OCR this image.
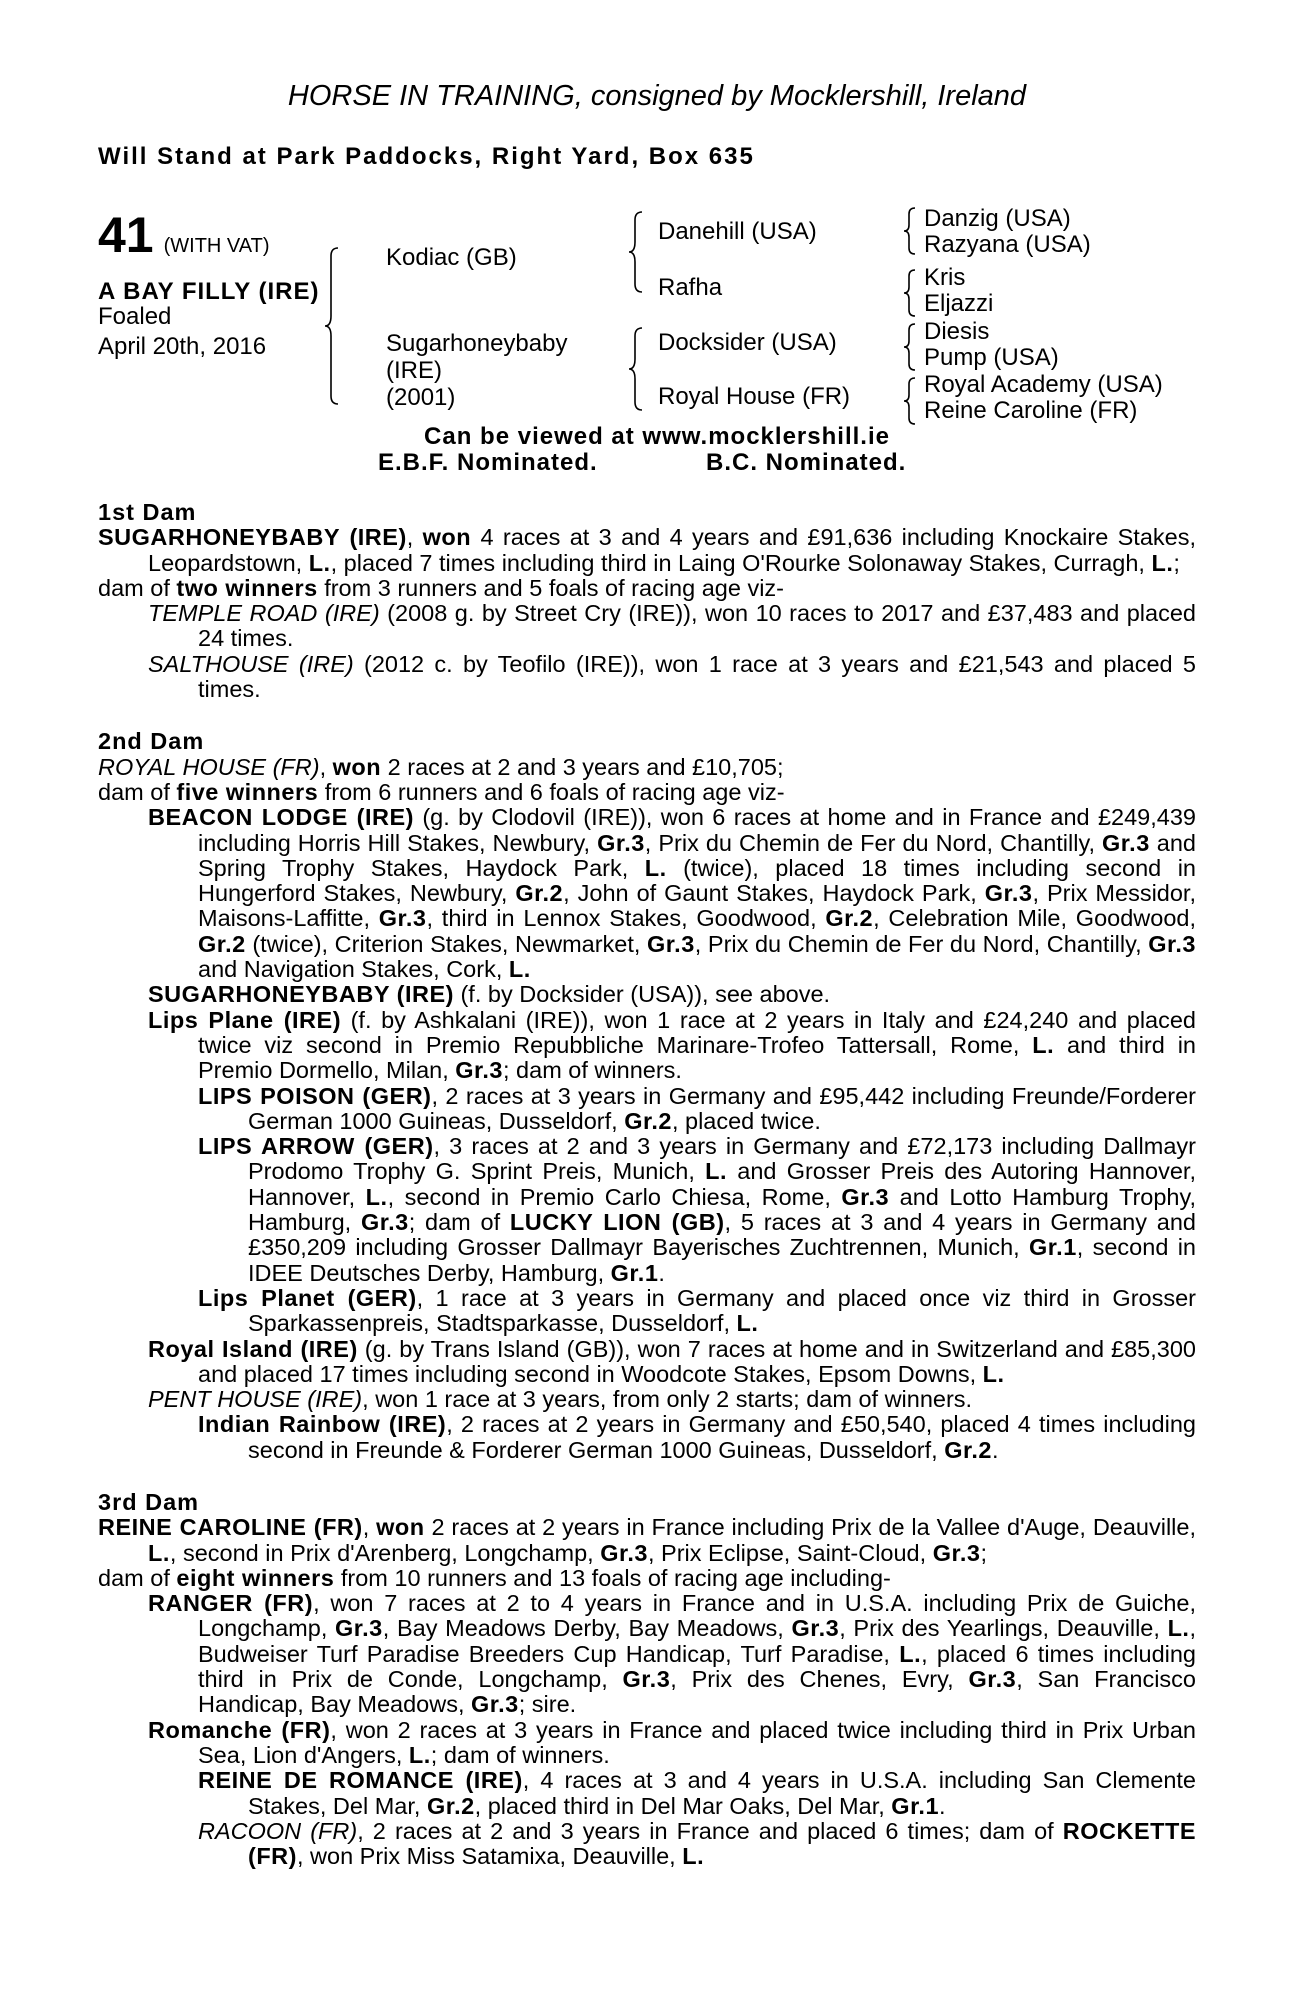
HORSE IN TRAINING, consigned by Mocklershill, Ireland
Will Stand at Park Paddocks, Right Yard, Box 635
41 (WITH VAT)
A BAY FILLY (IRE)
Foaled
April 20th, 2016
Kodiac (GB)
Sugarhoneybaby
(IRE)
(2001)
Danehill (USA)
Rafha
Docksider (USA)
Royal House (FR)
Danzig (USA)
Razyana (USA)
Kris
Eljazzi
Diesis
Pump (USA)
Royal Academy (USA)
Reine Caroline (FR)
Can be viewed at www.mocklershill.ie
E.B.F. Nominated.	B.C. Nominated.
1st Dam
SUGARHONEYBABY (IRE), won 4 races at 3 and 4 years and £91,636 including Knockaire Stakes, Leopardstown, L., placed 7 times including third in Laing O'Rourke Solonaway Stakes, Curragh, L.;
dam of two winners from 3 runners and 5 foals of racing age viz-
TEMPLE ROAD (IRE) (2008 g. by Street Cry (IRE)), won 10 races to 2017 and £37,483 and placed 24 times.
SALTHOUSE (IRE) (2012 c. by Teofilo (IRE)), won 1 race at 3 years and £21,543 and placed 5 times.
2nd Dam
ROYAL HOUSE (FR), won 2 races at 2 and 3 years and £10,705;
dam of five winners from 6 runners and 6 foals of racing age viz-
BEACON LODGE (IRE) (g. by Clodovil (IRE)), won 6 races at home and in France and £249,439 including Horris Hill Stakes, Newbury, Gr.3, Prix du Chemin de Fer du Nord, Chantilly, Gr.3 and Spring Trophy Stakes, Haydock Park, L. (twice), placed 18 times including second in Hungerford Stakes, Newbury, Gr.2, John of Gaunt Stakes, Haydock Park, Gr.3, Prix Messidor, Maisons-Laffitte, Gr.3, third in Lennox Stakes, Goodwood, Gr.2, Celebration Mile, Goodwood, Gr.2 (twice), Criterion Stakes, Newmarket, Gr.3, Prix du Chemin de Fer du Nord, Chantilly, Gr.3 and Navigation Stakes, Cork, L.
SUGARHONEYBABY (IRE) (f. by Docksider (USA)), see above.
Lips Plane (IRE) (f. by Ashkalani (IRE)), won 1 race at 2 years in Italy and £24,240 and placed twice viz second in Premio Repubbliche Marinare-Trofeo Tattersall, Rome, L. and third in Premio Dormello, Milan, Gr.3; dam of winners.
LIPS POISON (GER), 2 races at 3 years in Germany and £95,442 including Freunde/Forderer German 1000 Guineas, Dusseldorf, Gr.2, placed twice.
LIPS ARROW (GER), 3 races at 2 and 3 years in Germany and £72,173 including Dallmayr Prodomo Trophy G. Sprint Preis, Munich, L. and Grosser Preis des Autoring Hannover, Hannover, L., second in Premio Carlo Chiesa, Rome, Gr.3 and Lotto Hamburg Trophy, Hamburg, Gr.3; dam of LUCKY LION (GB), 5 races at 3 and 4 years in Germany and £350,209 including Grosser Dallmayr Bayerisches Zuchtrennen, Munich, Gr.1, second in IDEE Deutsches Derby, Hamburg, Gr.1.
Lips Planet (GER), 1 race at 3 years in Germany and placed once viz third in Grosser Sparkassenpreis, Stadtsparkasse, Dusseldorf, L.
Royal Island (IRE) (g. by Trans Island (GB)), won 7 races at home and in Switzerland and £85,300 and placed 17 times including second in Woodcote Stakes, Epsom Downs, L.
PENT HOUSE (IRE), won 1 race at 3 years, from only 2 starts; dam of winners.
Indian Rainbow (IRE), 2 races at 2 years in Germany and £50,540, placed 4 times including second in Freunde & Forderer German 1000 Guineas, Dusseldorf, Gr.2.
3rd Dam
REINE CAROLINE (FR), won 2 races at 2 years in France including Prix de la Vallee d'Auge, Deauville, L., second in Prix d'Arenberg, Longchamp, Gr.3, Prix Eclipse, Saint-Cloud, Gr.3;
dam of eight winners from 10 runners and 13 foals of racing age including-
RANGER (FR), won 7 races at 2 to 4 years in France and in U.S.A. including Prix de Guiche, Longchamp, Gr.3, Bay Meadows Derby, Bay Meadows, Gr.3, Prix des Yearlings, Deauville, L., Budweiser Turf Paradise Breeders Cup Handicap, Turf Paradise, L., placed 6 times including third in Prix de Conde, Longchamp, Gr.3, Prix des Chenes, Evry, Gr.3, San Francisco Handicap, Bay Meadows, Gr.3; sire.
Romanche (FR), won 2 races at 3 years in France and placed twice including third in Prix Urban Sea, Lion d'Angers, L.; dam of winners.
REINE DE ROMANCE (IRE), 4 races at 3 and 4 years in U.S.A. including San Clemente Stakes, Del Mar, Gr.2, placed third in Del Mar Oaks, Del Mar, Gr.1.
RACOON (FR), 2 races at 2 and 3 years in France and placed 6 times; dam of ROCKETTE (FR), won Prix Miss Satamixa, Deauville, L.
